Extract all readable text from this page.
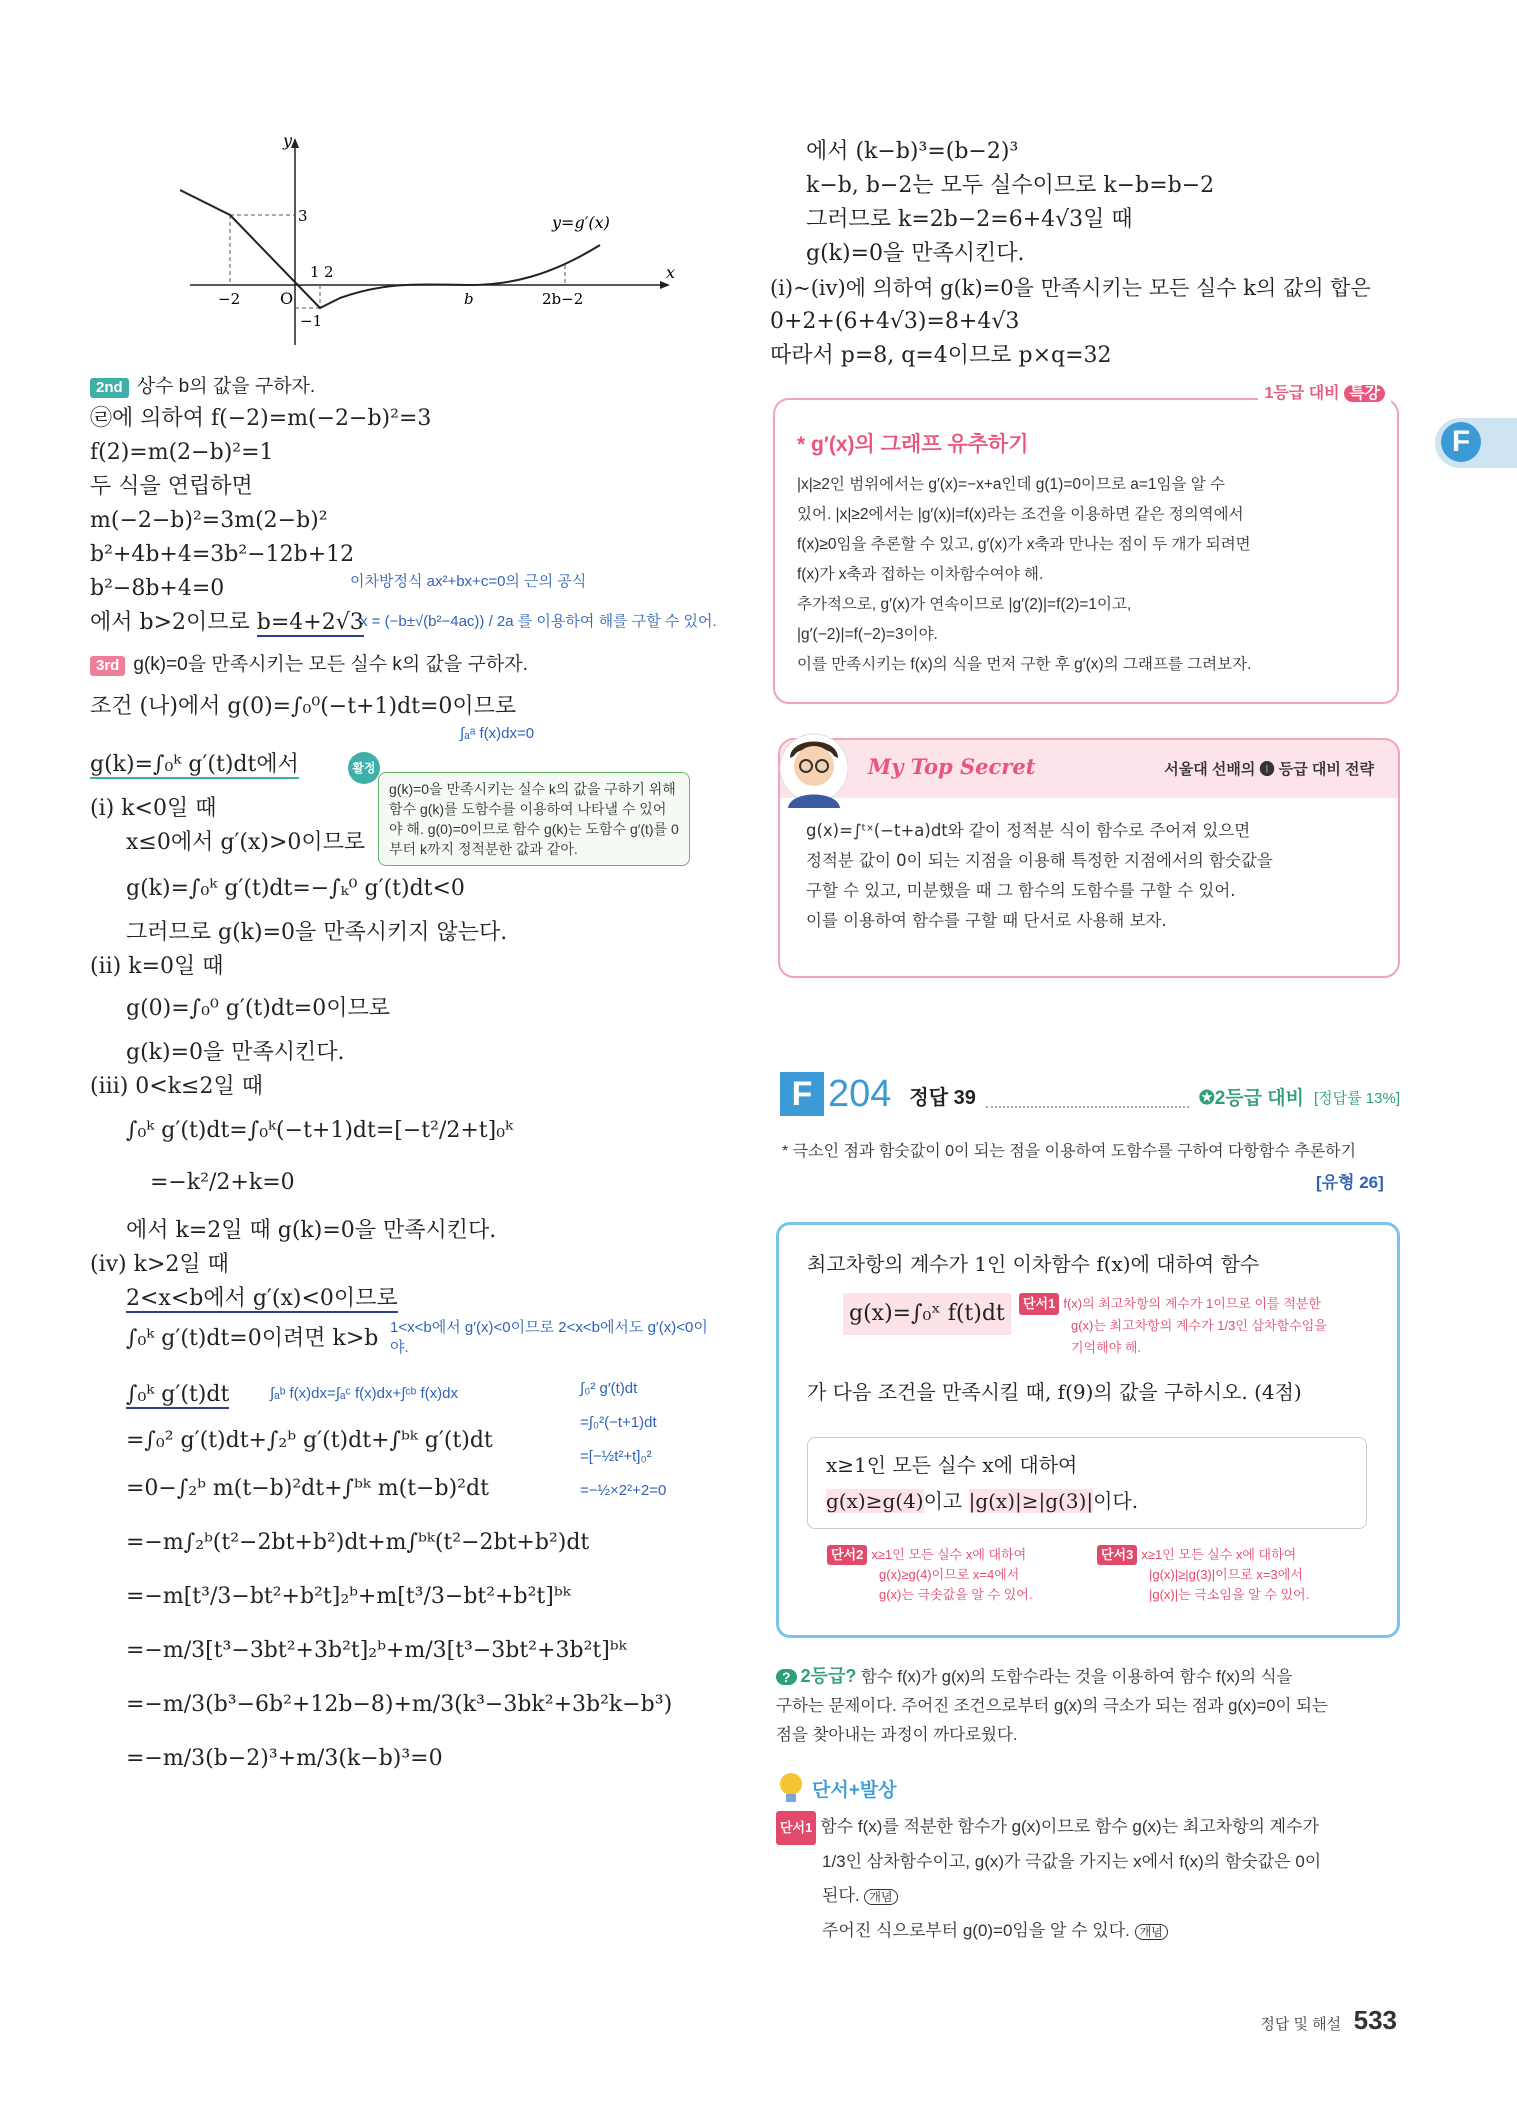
y
x
O
3
−1
−2
1 2
b	2b−2
y=g′(x)
2nd 상수 b의 값을 구하자.
㉣에 의하여 f(−2)=m(−2−b)²=3
f(2)=m(2−b)²=1
두 식을 연립하면
m(−2−b)²=3m(2−b)²
b²+4b+4=3b²−12b+12
b²−8b+4=0	이차방정식 ax²+bx+c=0의 근의 공식
에서 b>2이므로 b=4+2√3
x = (−b±√(b²−4ac)) / 2a 를 이용하여 해를 구할 수 있어.
3rd g(k)=0을 만족시키는 모든 실수 k의 값을 구하자.
조건 (나)에서 g(0)=∫₀⁰(−t+1)dt=0이므로
∫ₐᵃ f(x)dx=0
g(k)=∫₀ᵏ g′(t)dt에서	활정
g(k)=0을 만족시키는 실수 k의 값을 구하기 위해 함수 g(k)를 도함수를 이용하여 나타낼 수 있어야 해. g(0)=0이므로 함수 g(k)는 도함수 g′(t)를 0부터 k까지 정적분한 값과 같아.
(ⅰ) k<0일 때
x≤0에서 g′(x)>0이므로
g(k)=∫₀ᵏ g′(t)dt=−∫ₖ⁰ g′(t)dt<0
그러므로 g(k)=0을 만족시키지 않는다.
(ⅱ) k=0일 때
g(0)=∫₀⁰ g′(t)dt=0이므로
g(k)=0을 만족시킨다.
(ⅲ) 0<k≤2일 때
∫₀ᵏ g′(t)dt=∫₀ᵏ(−t+1)dt=[−t²/2+t]₀ᵏ
=−k²/2+k=0
에서 k=2일 때 g(k)=0을 만족시킨다.
(ⅳ) k>2일 때
2<x<b에서 g′(x)<0이므로
∫₀ᵏ g′(t)dt=0이려면 k>b 1<x<b에서 g′(x)<0이므로 2<x<b에서도 g′(x)<0이야.
∫₀ᵏ g′(t)dt	∫ₐᵇ f(x)dx=∫ₐᶜ f(x)dx+∫ᶜᵇ f(x)dx	∫₀² g′(t)dt
=∫₀²(−t+1)dt
=[−½t²+t]₀²
=−½×2²+2=0
=∫₀² g′(t)dt+∫₂ᵇ g′(t)dt+∫ᵇᵏ g′(t)dt
=0−∫₂ᵇ m(t−b)²dt+∫ᵇᵏ m(t−b)²dt
=−m∫₂ᵇ(t²−2bt+b²)dt+m∫ᵇᵏ(t²−2bt+b²)dt
=−m[t³/3−bt²+b²t]₂ᵇ+m[t³/3−bt²+b²t]ᵇᵏ
=−m/3[t³−3bt²+3b²t]₂ᵇ+m/3[t³−3bt²+3b²t]ᵇᵏ
=−m/3(b³−6b²+12b−8)+m/3(k³−3bk²+3b²k−b³)
=−m/3(b−2)³+m/3(k−b)³=0
에서 (k−b)³=(b−2)³
k−b, b−2는 모두 실수이므로 k−b=b−2
그러므로 k=2b−2=6+4√3일 때
g(k)=0을 만족시킨다.
(ⅰ)~(ⅳ)에 의하여 g(k)=0을 만족시키는 모든 실수 k의 값의 합은
0+2+(6+4√3)=8+4√3
따라서 p=8, q=4이므로 p×q=32
1등급 대비 특강
* g′(x)의 그래프 유추하기
|x|≥2인 범위에서는 g′(x)=−x+a인데 g(1)=0이므로 a=1임을 알 수
있어. |x|≥2에서는 |g′(x)|=f(x)라는 조건을 이용하면 같은 정의역에서
f(x)≥0임을 추론할 수 있고, g′(x)가 x축과 만나는 점이 두 개가 되려면
f(x)가 x축과 접하는 이차함수여야 해.
추가적으로, g′(x)가 연속이므로 |g′(2)|=f(2)=1이고,
|g′(−2)|=f(−2)=3이야.
이를 만족시키는 f(x)의 식을 먼저 구한 후 g′(x)의 그래프를 그려보자.
My Top Secret	서울대 선배의 ❶ 등급 대비 전략
g(x)=∫ᵗˣ(−t+a)dt와 같이 정적분 식이 함수로 주어져 있으면
정적분 값이 0이 되는 지점을 이용해 특정한 지점에서의 함숫값을
구할 수 있고, 미분했을 때 그 함수의 도함수를 구할 수 있어.
이를 이용하여 함수를 구할 때 단서로 사용해 보자.
F 204 정답 39	✪2등급 대비 [정답률 13%]
* 극소인 점과 함숫값이 0이 되는 점을 이용하여 도함수를 구하여 다항함수 추론하기
[유형 26]
최고차항의 계수가 1인 이차함수 f(x)에 대하여 함수
g(x)=∫₀ˣ f(t)dt	단서1 f(x)의 최고차항의 계수가 1이므로 이를 적분한
g(x)는 최고차항의 계수가 1/3인 삼차함수임을
기억해야 해.
가 다음 조건을 만족시킬 때, f(9)의 값을 구하시오. (4점)
x≥1인 모든 실수 x에 대하여
g(x)≥g(4)이고 |g(x)|≥|g(3)|이다.
단서2 x≥1인 모든 실수 x에 대하여
g(x)≥g(4)이므로 x=4에서
g(x)는 극솟값을 알 수 있어.
단서3 x≥1인 모든 실수 x에 대하여
|g(x)|≥|g(3)|이므로 x=3에서
|g(x)|는 극소임을 알 수 있어.
? 2등급? 함수 f(x)가 g(x)의 도함수라는 것을 이용하여 함수 f(x)의 식을
구하는 문제이다. 주어진 조건으로부터 g(x)의 극소가 되는 점과 g(x)=0이 되는
점을 찾아내는 과정이 까다로웠다.
단서+발상
단서1 함수 f(x)를 적분한 함수가 g(x)이므로 함수 g(x)는 최고차항의 계수가
1/3인 삼차함수이고, g(x)가 극값을 가지는 x에서 f(x)의 함숫값은 0이
된다. 개념
주어진 식으로부터 g(0)=0임을 알 수 있다. 개념
F
정답 및 해설 533
